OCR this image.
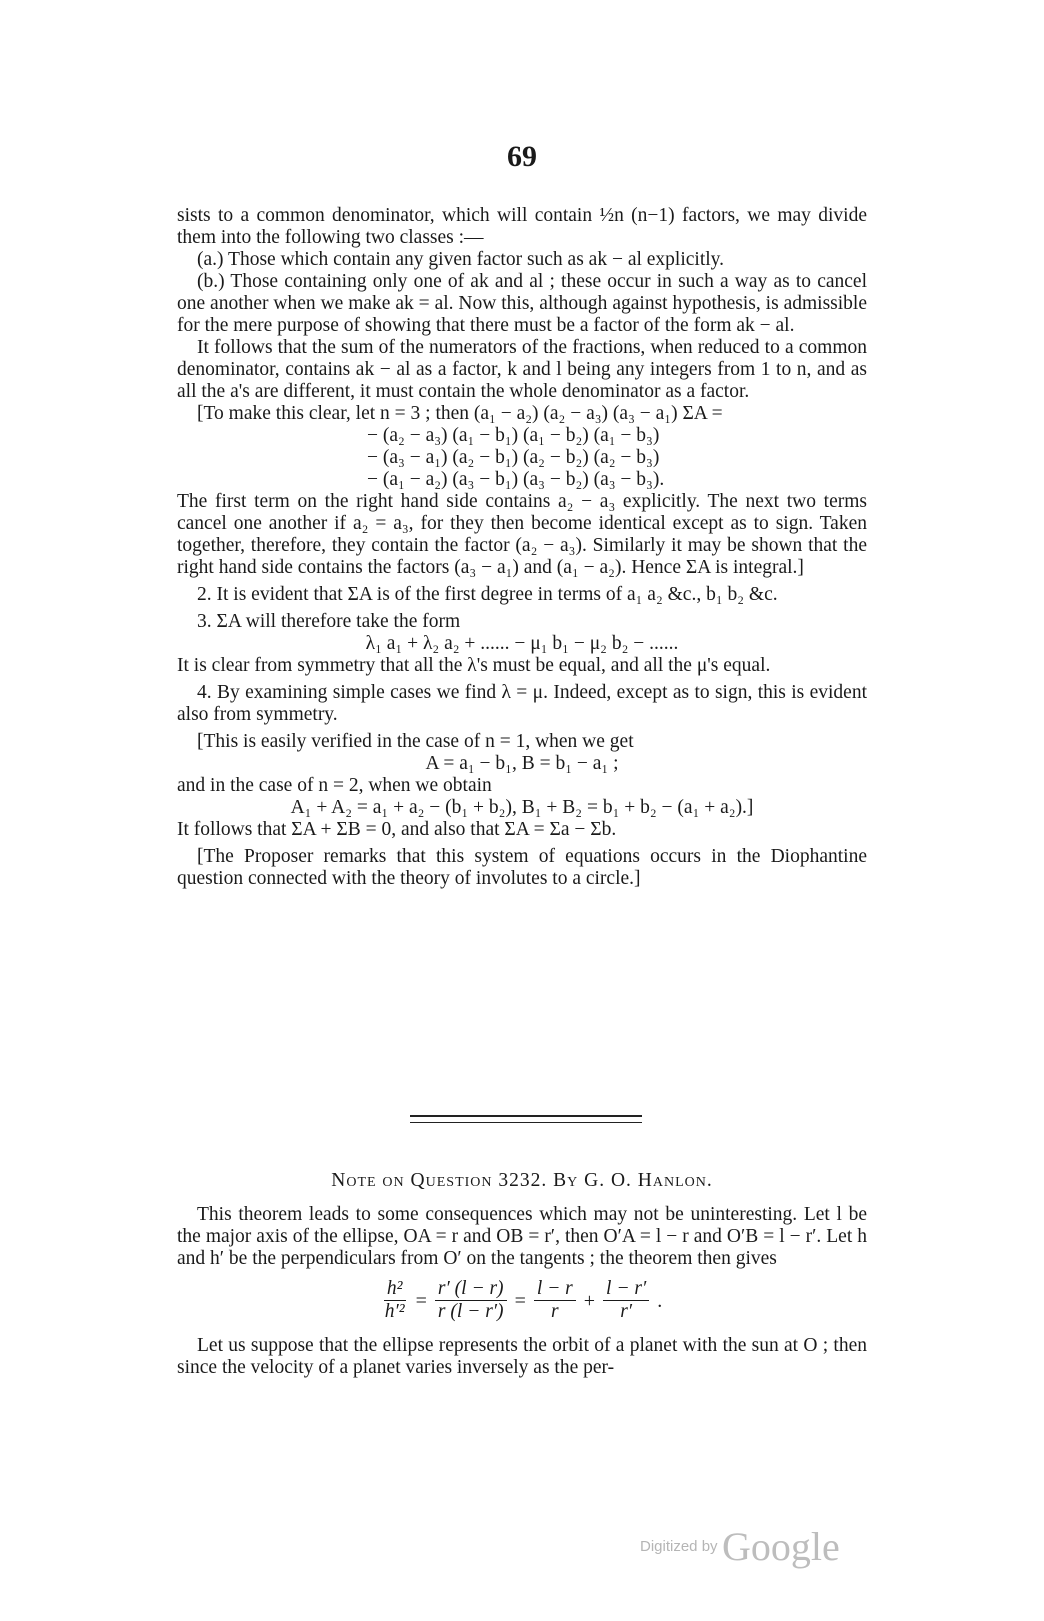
69

sists to a common denominator, which will contain ½n (n−1) factors, we may divide them into the following two classes :—

(a.) Those which contain any given factor such as ak − al explicitly.

(b.) Those containing only one of ak and al ; these occur in such a way as to cancel one another when we make ak = al. Now this, although against hypothesis, is admissible for the mere purpose of showing that there must be a factor of the form ak − al.

It follows that the sum of the numerators of the fractions, when reduced to a common denominator, contains ak − al as a factor, k and l being any integers from 1 to n, and as all the a's are different, it must contain the whole denominator as a factor.

[To make this clear, let n = 3 ; then (a₁ − a₂) (a₂ − a₃) (a₃ − a₁) ΣA =

− (a₂ − a₃) (a₁ − b₁) (a₁ − b₂) (a₁ − b₃)

− (a₃ − a₁) (a₂ − b₁) (a₂ − b₂) (a₂ − b₃)

− (a₁ − a₂) (a₃ − b₁) (a₃ − b₂) (a₃ − b₃).

The first term on the right hand side contains a₂ − a₃ explicitly. The next two terms cancel one another if a₂ = a₃, for they then become identical except as to sign. Taken together, therefore, they contain the factor (a₂ − a₃). Similarly it may be shown that the right hand side contains the factors (a₃ − a₁) and (a₁ − a₂). Hence ΣA is integral.]

2. It is evident that ΣA is of the first degree in terms of a₁ a₂ &c., b₁ b₂ &c.

3. ΣA will therefore take the form

λ₁ a₁ + λ₂ a₂ + ...... − μ₁ b₁ − μ₂ b₂ − ......

It is clear from symmetry that all the λ's must be equal, and all the μ's equal.

4. By examining simple cases we find λ = μ. Indeed, except as to sign, this is evident also from symmetry.

[This is easily verified in the case of n = 1, when we get

A = a₁ − b₁, B = b₁ − a₁ ;

and in the case of n = 2, when we obtain

A₁ + A₂ = a₁ + a₂ − (b₁ + b₂), B₁ + B₂ = b₁ + b₂ − (a₁ + a₂).]

It follows that ΣA + ΣB = 0, and also that ΣA = Σa − Σb.

[The Proposer remarks that this system of equations occurs in the Diophantine question connected with the theory of involutes to a circle.]

Note on Question 3232. By G. O. Hanlon.

This theorem leads to some consequences which may not be uninteresting. Let l be the major axis of the ellipse, OA = r and OB = r′, then O′A = l − r and O′B = l − r′. Let h and h′ be the perpendiculars from O′ on the tangents ; the theorem then gives

$\frac{\text{h²}}{\text{h′²}} = \frac{r' (l - r)}{r (l - r')} = \frac{l - r}{r} + \frac{l - r'}{r'}$ .

Let us suppose that the ellipse represents the orbit of a planet with the sun at O ; then since the velocity of a planet varies inversely as the per-

Digitized by Google
